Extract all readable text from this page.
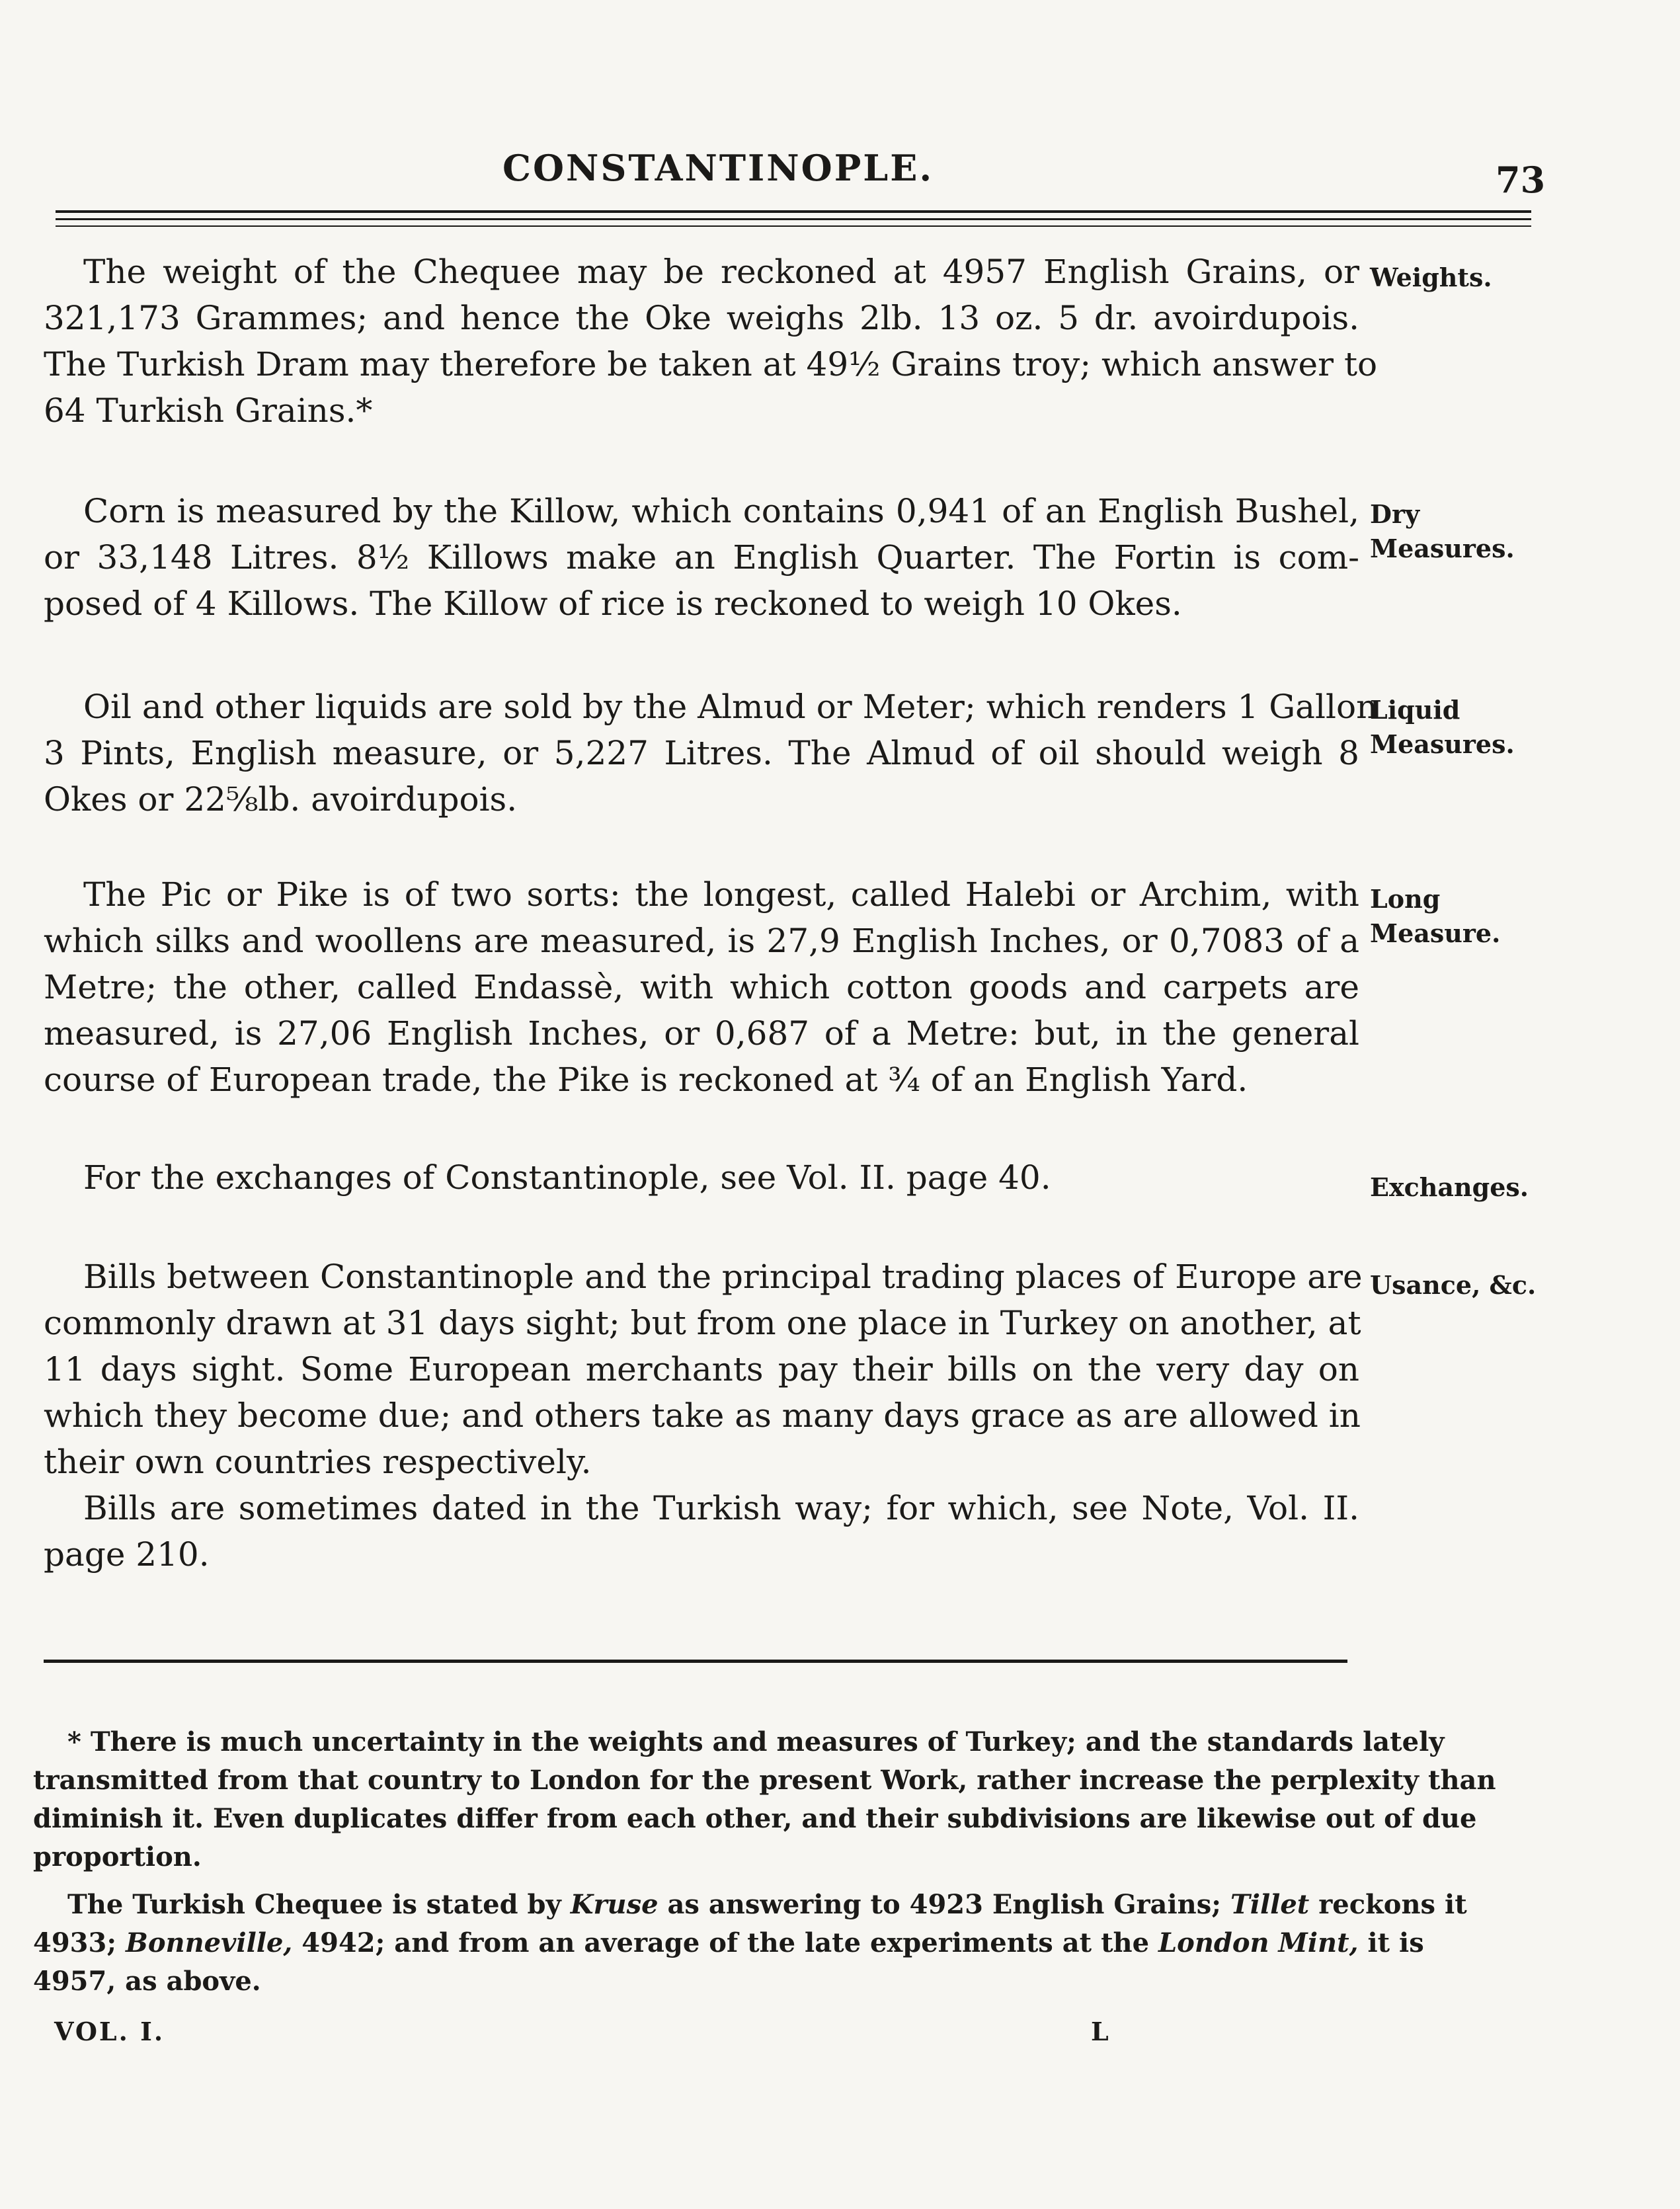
CONSTANTINOPLE.	73
The weight of the Chequee may be reckoned at 4957 English Grains, or
321,173 Grammes; and hence the Oke weighs 2lb. 13 oz. 5 dr. avoirdupois.
The Turkish Dram may therefore be taken at 49½ Grains troy; which answer to
64 Turkish Grains.*
Weights.
Corn is measured by the Killow, which contains 0,941 of an English Bushel,
or 33,148 Litres. 8½ Killows make an English Quarter. The Fortin is com-
posed of 4 Killows. The Killow of rice is reckoned to weigh 10 Okes.
Dry
Measures.
Oil and other liquids are sold by the Almud or Meter; which renders 1 Gallon
3 Pints, English measure, or 5,227 Litres. The Almud of oil should weigh 8
Okes or 22⅝lb. avoirdupois.
Liquid
Measures.
The Pic or Pike is of two sorts: the longest, called Halebi or Archim, with
which silks and woollens are measured, is 27,9 English Inches, or 0,7083 of a
Metre; the other, called Endassè, with which cotton goods and carpets are
measured, is 27,06 English Inches, or 0,687 of a Metre: but, in the general
course of European trade, the Pike is reckoned at ¾ of an English Yard.
Long
Measure.
For the exchanges of Constantinople, see Vol. II. page 40.	Exchanges.
Bills between Constantinople and the principal trading places of Europe are
commonly drawn at 31 days sight; but from one place in Turkey on another, at
11 days sight. Some European merchants pay their bills on the very day on
which they become due; and others take as many days grace as are allowed in
their own countries respectively.
Bills are sometimes dated in the Turkish way; for which, see Note, Vol. II.
page 210.
Usance, &c.
* There is much uncertainty in the weights and measures of Turkey; and the standards lately
transmitted from that country to London for the present Work, rather increase the perplexity than
diminish it. Even duplicates differ from each other, and their subdivisions are likewise out of due
proportion.
The Turkish Chequee is stated by Kruse as answering to 4923 English Grains; Tillet reckons it
4933; Bonneville, 4942; and from an average of the late experiments at the London Mint, it is
4957, as above.
VOL. I.	L
